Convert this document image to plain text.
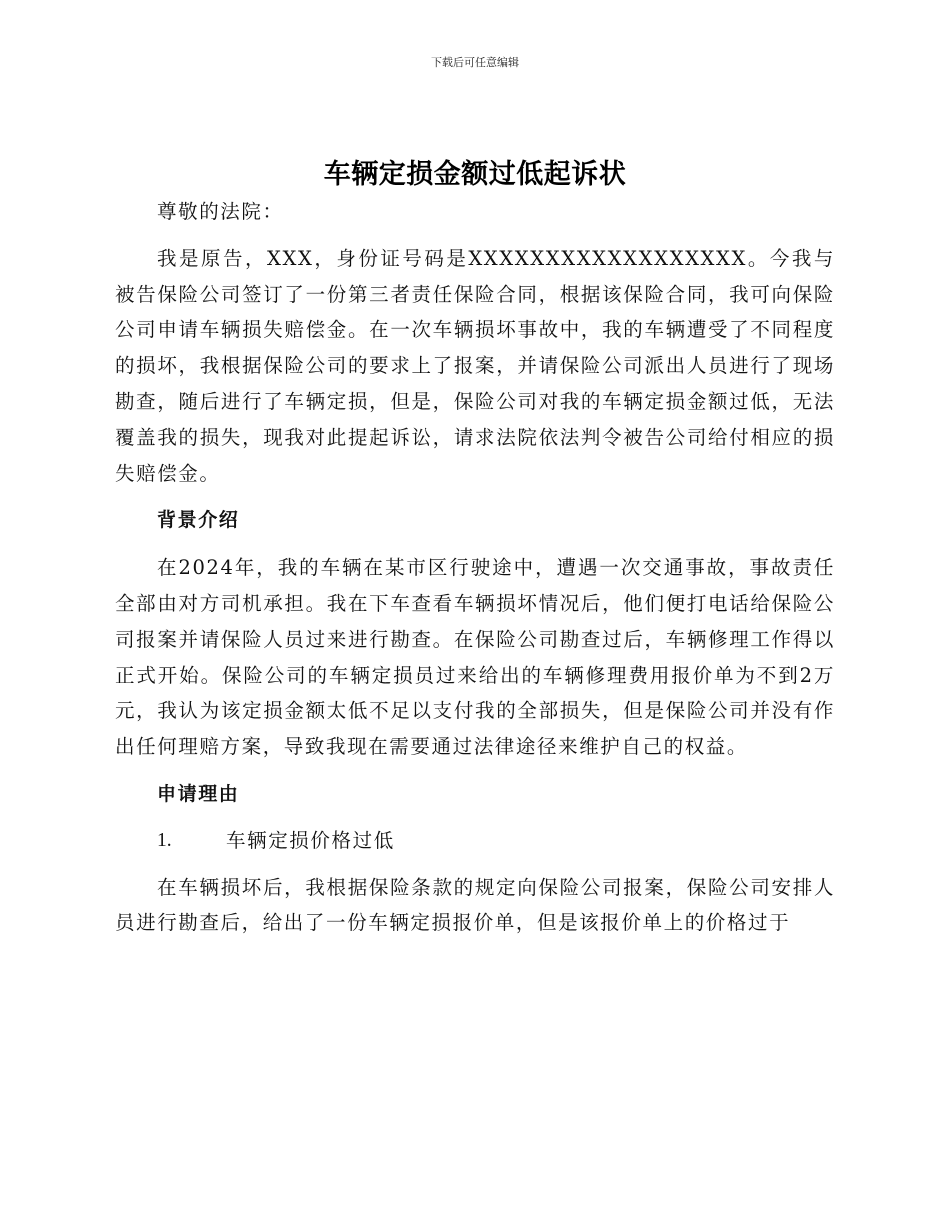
下载后可任意编辑
车辆定损金额过低起诉状

尊敬的法院：

我是原告，XXX，身份证号码是XXXXXXXXXXXXXXXXXX。今我与被告保险公司签订了一份第三者责任保险合同，根据该保险合同，我可向保险公司申请车辆损失赔偿金。在一次车辆损坏事故中，我的车辆遭受了不同程度的损坏，我根据保险公司的要求上了报案，并请保险公司派出人员进行了现场勘查，随后进行了车辆定损，但是，保险公司对我的车辆定损金额过低，无法覆盖我的损失，现我对此提起诉讼，请求法院依法判令被告公司给付相应的损失赔偿金。

背景介绍

在2024年，我的车辆在某市区行驶途中，遭遇一次交通事故，事故责任全部由对方司机承担。我在下车查看车辆损坏情况后，他们便打电话给保险公司报案并请保险人员过来进行勘查。在保险公司勘查过后，车辆修理工作得以正式开始。保险公司的车辆定损员过来给出的车辆修理费用报价单为不到2万元，我认为该定损金额太低不足以支付我的全部损失，但是保险公司并没有作出任何理赔方案，导致我现在需要通过法律途径来维护自己的权益。

申请理由
1.	车辆定损价格过低

在车辆损坏后，我根据保险条款的规定向保险公司报案，保险公司安排人员进行勘查后，给出了一份车辆定损报价单，但是该报价单上的价格过于
